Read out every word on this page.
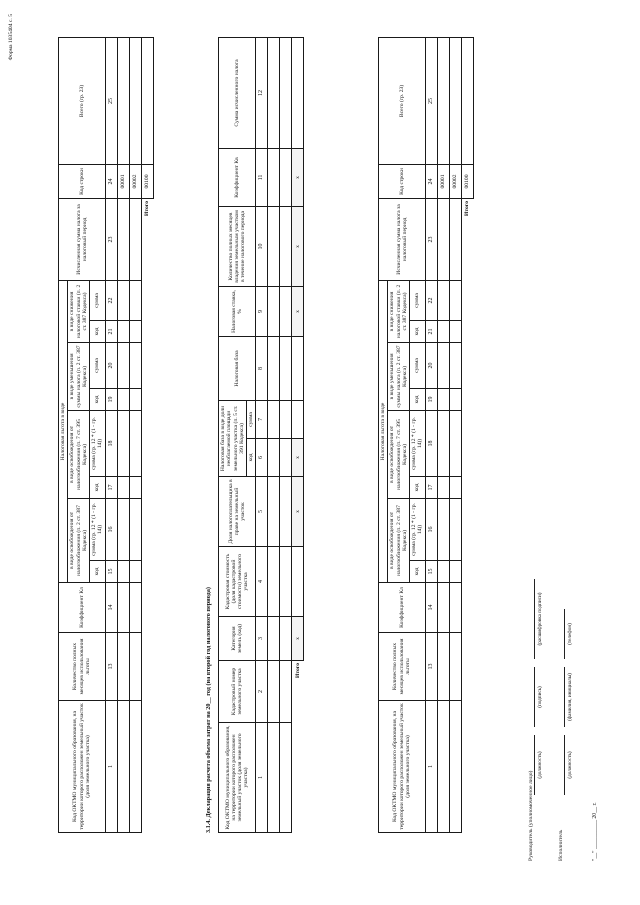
Форма 1035404 с. 5
Код ОКТМО муниципального образования, на территории которого расположен земельный участок (доля земельного участка)	Количество полных месяцев использования льготы	Коэффициент Кл	Налоговая льгота в виде								Исчисленная сумма налога за налоговый период	Код строки	Всего (гр. 23)
			в виде освобождения от налогообложения (п. 2 ст. 387 Кодекса)		в виде освобождения от налогообложения (п. 7 ст. 395 Кодекса)		в виде уменьшения суммы налога (п. 2 ст. 387 Кодекса)		в виде снижения налоговой ставки (п. 2 ст. 387 Кодекса)				
			код	сумма (гр. 12 * (1 - гр. 14))	код	сумма (гр. 12 * (1 - гр. 14))	код	сумма	код	сумма			
1	13	14	15	16	17	18	19	20	21	22	23	24	25
												00001	
												00002	
											Итого	00100	
3.1.4. Декларация расчета объема затрат на 20__ год (на второй год налогового периода) Код ОКТМО муниципального образования, на территории которого расположен земельный участок (доля земельного участка)	Кадастровый номер земельного участка	Категория земель (код)	Кадастровая стоимость (доля кадастровой стоимости) земельного участка	Доля налогоплательщика в праве на земельный участок	Налоговая база в виде доли необлагаемой площади земельного участка (п. 5 ст. 391 Кодекса)		Налоговая база	Налоговая ставка, %	Количество полных месяцев владения земельным участком в течение налогового периода	Коэффициент Кв	Сумма исчисленного налога
					код	сумма					
1	2	3	4	5	6	7	8	9	10	11	12

Итого		x		x	x			x	x	x	
Код ОКТМО муниципального образования, на территории которого расположен земельный участок (доля земельного участка)	Количество полных месяцев использования льготы	Коэффициент Кл	Налоговая льгота в виде								Исчисленная сумма налога за налоговый период	Код строки	Всего (гр. 23)
			в виде освобождения от налогообложения (п. 2 ст. 387 Кодекса)		в виде освобождения от налогообложения (п. 7 ст. 395 Кодекса)		в виде уменьшения суммы налога (п. 2 ст. 387 Кодекса)		в виде снижения налоговой ставки (п. 2 ст. 387 Кодекса)				
			код	сумма (гр. 12 * (1 - гр. 14))	код	сумма (гр. 12 * (1 - гр. 14))	код	сумма	код	сумма			
1	13	14	15	16	17	18	19	20	21	22	23	24	25
												00001	
												00002	
											Итого	00100	
Руководитель (уполномоченное лицо)
(должность)
(подпись)
(расшифровка подписи)
Исполнитель
(должность)
(фамилия, инициалы)
(телефон)
"__" __________ 20__ г.
